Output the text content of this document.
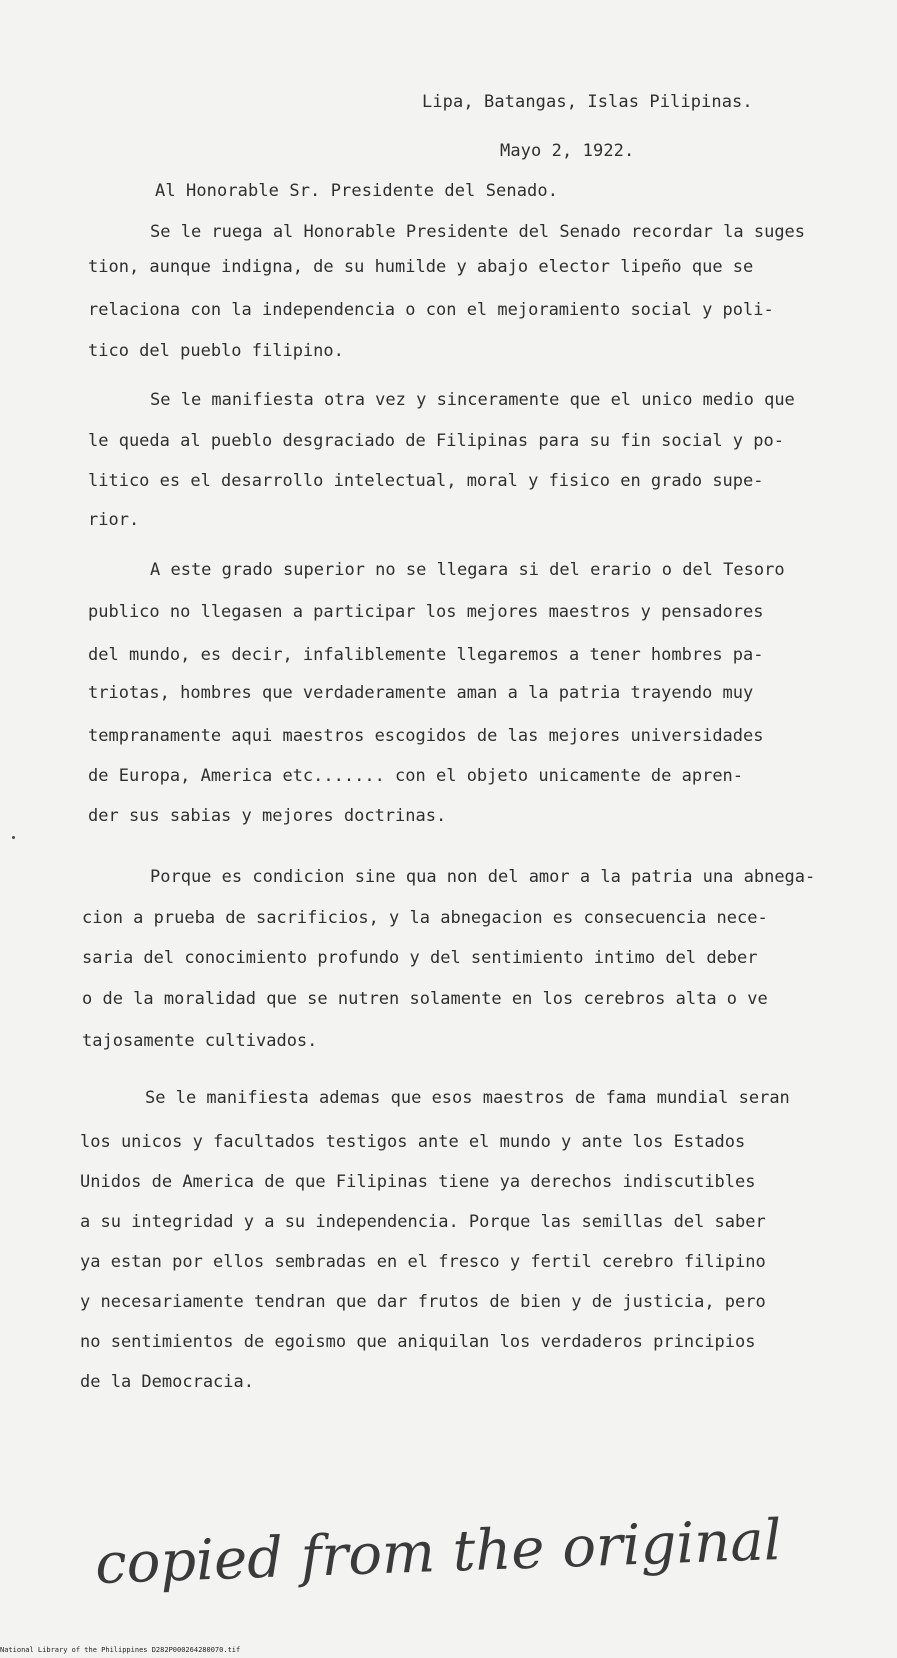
Lipa, Batangas, Islas Pilipinas.
Mayo 2, 1922.
Al Honorable Sr. Presidente del Senado.
Se le ruega al Honorable Presidente del Senado recordar la suges
tion, aunque indigna, de su humilde y abajo elector lipeño que se
relaciona con la independencia o con el mejoramiento social y poli-
tico del pueblo filipino.
Se le manifiesta otra vez y sinceramente que el unico medio que
le queda al pueblo desgraciado de Filipinas para su fin social y po-
litico es el desarrollo intelectual, moral y fisico en grado supe-
rior.
A este grado superior no se llegara si del erario o del Tesoro
publico no llegasen a participar los mejores maestros y pensadores
del mundo, es decir, infaliblemente llegaremos a tener hombres pa-
triotas, hombres que verdaderamente aman a la patria trayendo muy
tempranamente aqui maestros escogidos de las mejores universidades
de Europa, America etc....... con el objeto unicamente de apren-
der sus sabias y mejores doctrinas.
Porque es condicion sine qua non del amor a la patria una abnega-
cion a prueba de sacrificios, y la abnegacion es consecuencia nece-
saria del conocimiento profundo y del sentimiento intimo del deber
o de la moralidad que se nutren solamente en los cerebros alta o ve
tajosamente cultivados.
Se le manifiesta ademas que esos maestros de fama mundial seran
los unicos y facultados testigos ante el mundo y ante los Estados
Unidos de America de que Filipinas tiene ya derechos indiscutibles
a su integridad y a su independencia. Porque las semillas del saber
ya estan por ellos sembradas en el fresco y fertil cerebro filipino
y necesariamente tendran que dar frutos de bien y de justicia, pero
no sentimientos de egoismo que aniquilan los verdaderos principios
de la Democracia.
copied from the original
National Library of the Philippines D282P000264280070.tif
